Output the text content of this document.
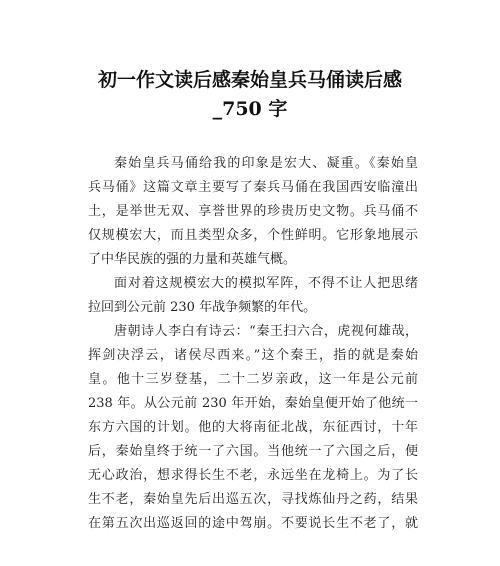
初一作文读后感秦始皇兵马俑读后感
_750 字
秦始皇兵马俑给我的印象是宏大、凝重。《秦始皇
兵马俑》这篇文章主要写了秦兵马俑在我国西安临潼出
土，是举世无双、享誉世界的珍贵历史文物。兵马俑不
仅规模宏大，而且类型众多，个性鲜明。它形象地展示
了中华民族的强的力量和英雄气概。
面对着这规模宏大的模拟军阵，不得不让人把思绪
拉回到公元前 230 年战争频繁的年代。
唐朝诗人李白有诗云：“秦王扫六合，虎视何雄哉，
挥剑决浮云，诸侯尽西来。”这个秦王，指的就是秦始
皇。他十三岁登基，二十二岁亲政，这一年是公元前
238 年。从公元前 230 年开始，秦始皇便开始了他统一
东方六国的计划。他的大将南征北战，东征西讨，十年
后，秦始皇终于统一了六国。当他统一了六国之后，便
无心政治，想求得长生不老，永远坐在龙椅上。为了长
生不老，秦始皇先后出巡五次，寻找炼仙丹之药，结果
在第五次出巡返回的途中驾崩。不要说长生不老了，就
